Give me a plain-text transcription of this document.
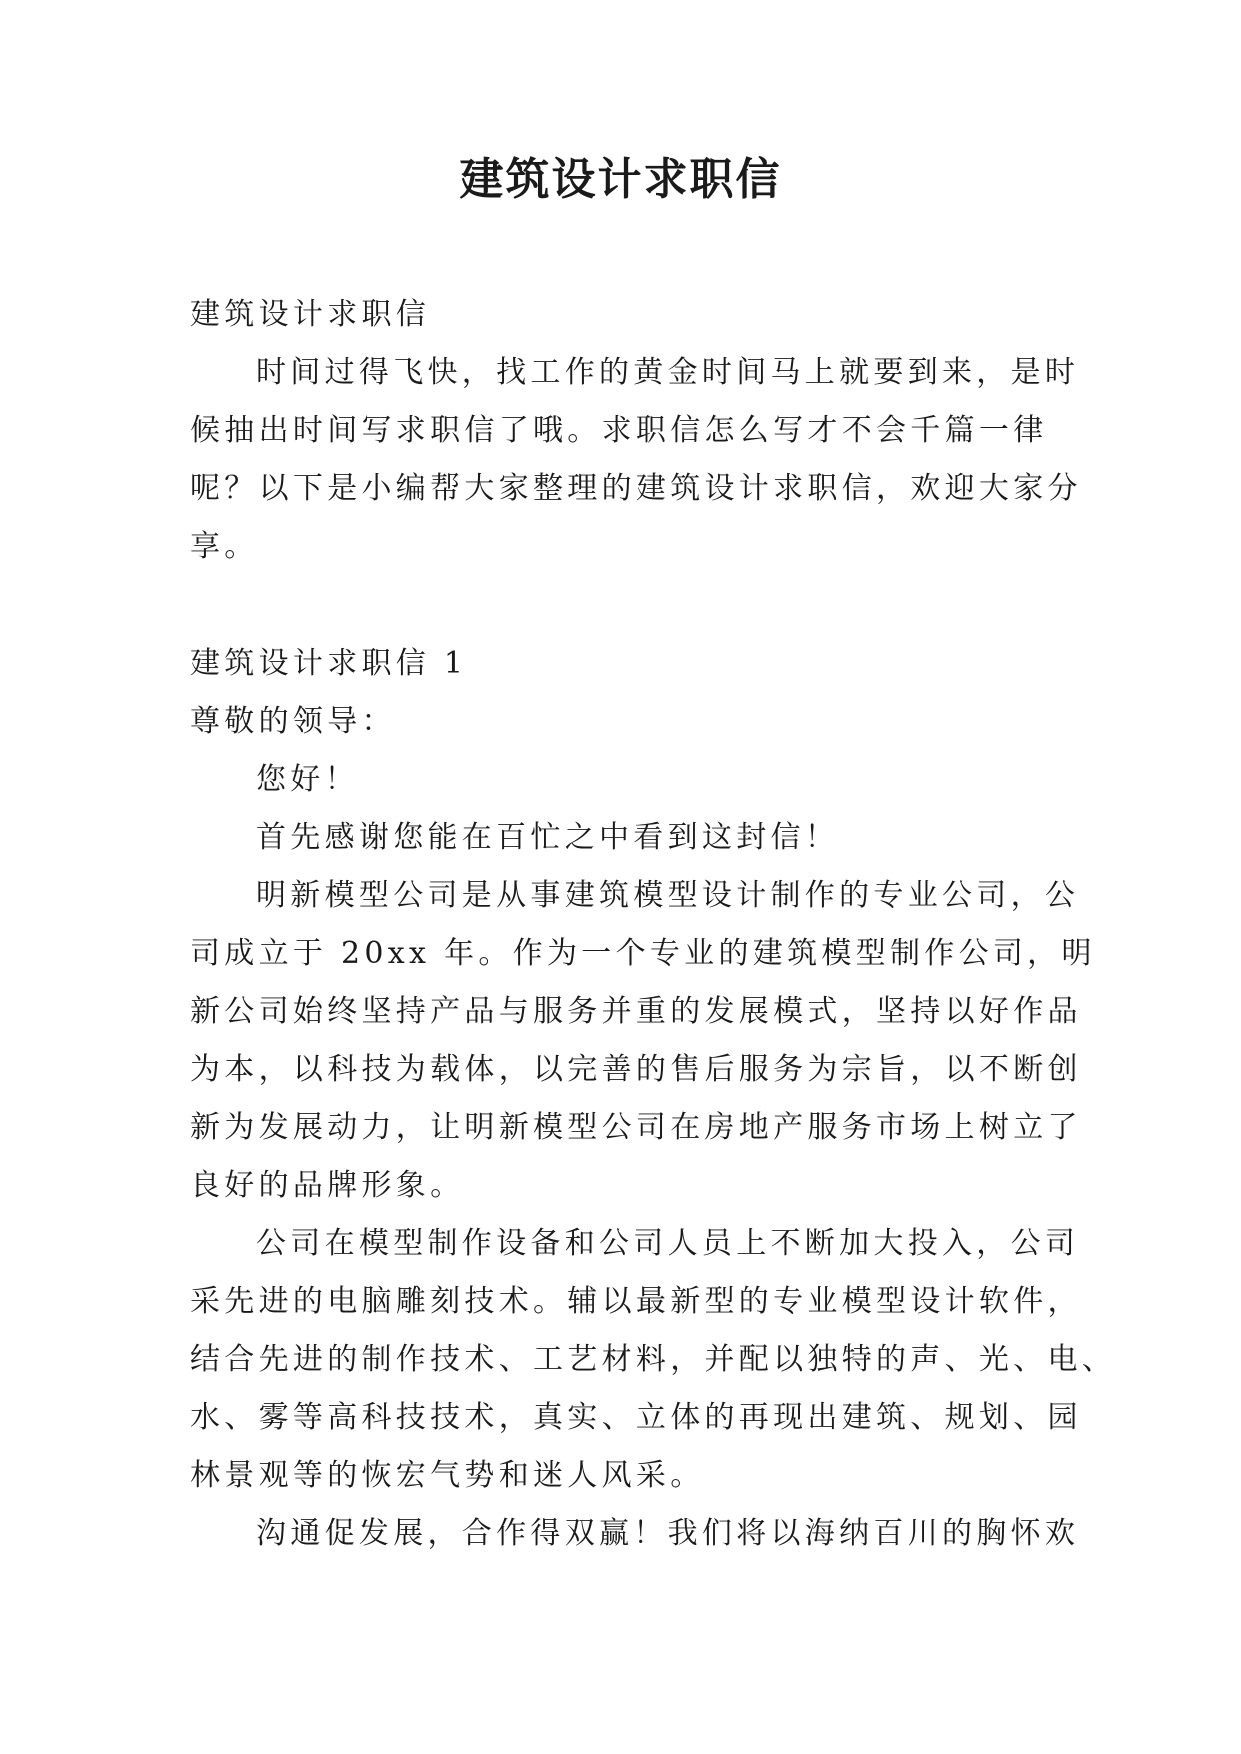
建筑设计求职信
建筑设计求职信
时间过得飞快，找工作的黄金时间马上就要到来，是时
候抽出时间写求职信了哦。求职信怎么写才不会千篇一律
呢？以下是小编帮大家整理的建筑设计求职信，欢迎大家分
享。
建筑设计求职信 1
尊敬的领导：
您好！
首先感谢您能在百忙之中看到这封信！
明新模型公司是从事建筑模型设计制作的专业公司，公
司成立于 20xx 年。作为一个专业的建筑模型制作公司，明
新公司始终坚持产品与服务并重的发展模式，坚持以好作品
为本，以科技为载体，以完善的售后服务为宗旨，以不断创
新为发展动力，让明新模型公司在房地产服务市场上树立了
良好的品牌形象。
公司在模型制作设备和公司人员上不断加大投入，公司
采先进的电脑雕刻技术。辅以最新型的专业模型设计软件，
结合先进的制作技术、工艺材料，并配以独特的声、光、电、
水、雾等高科技技术，真实、立体的再现出建筑、规划、园
林景观等的恢宏气势和迷人风采。
沟通促发展，合作得双赢！我们将以海纳百川的胸怀欢
